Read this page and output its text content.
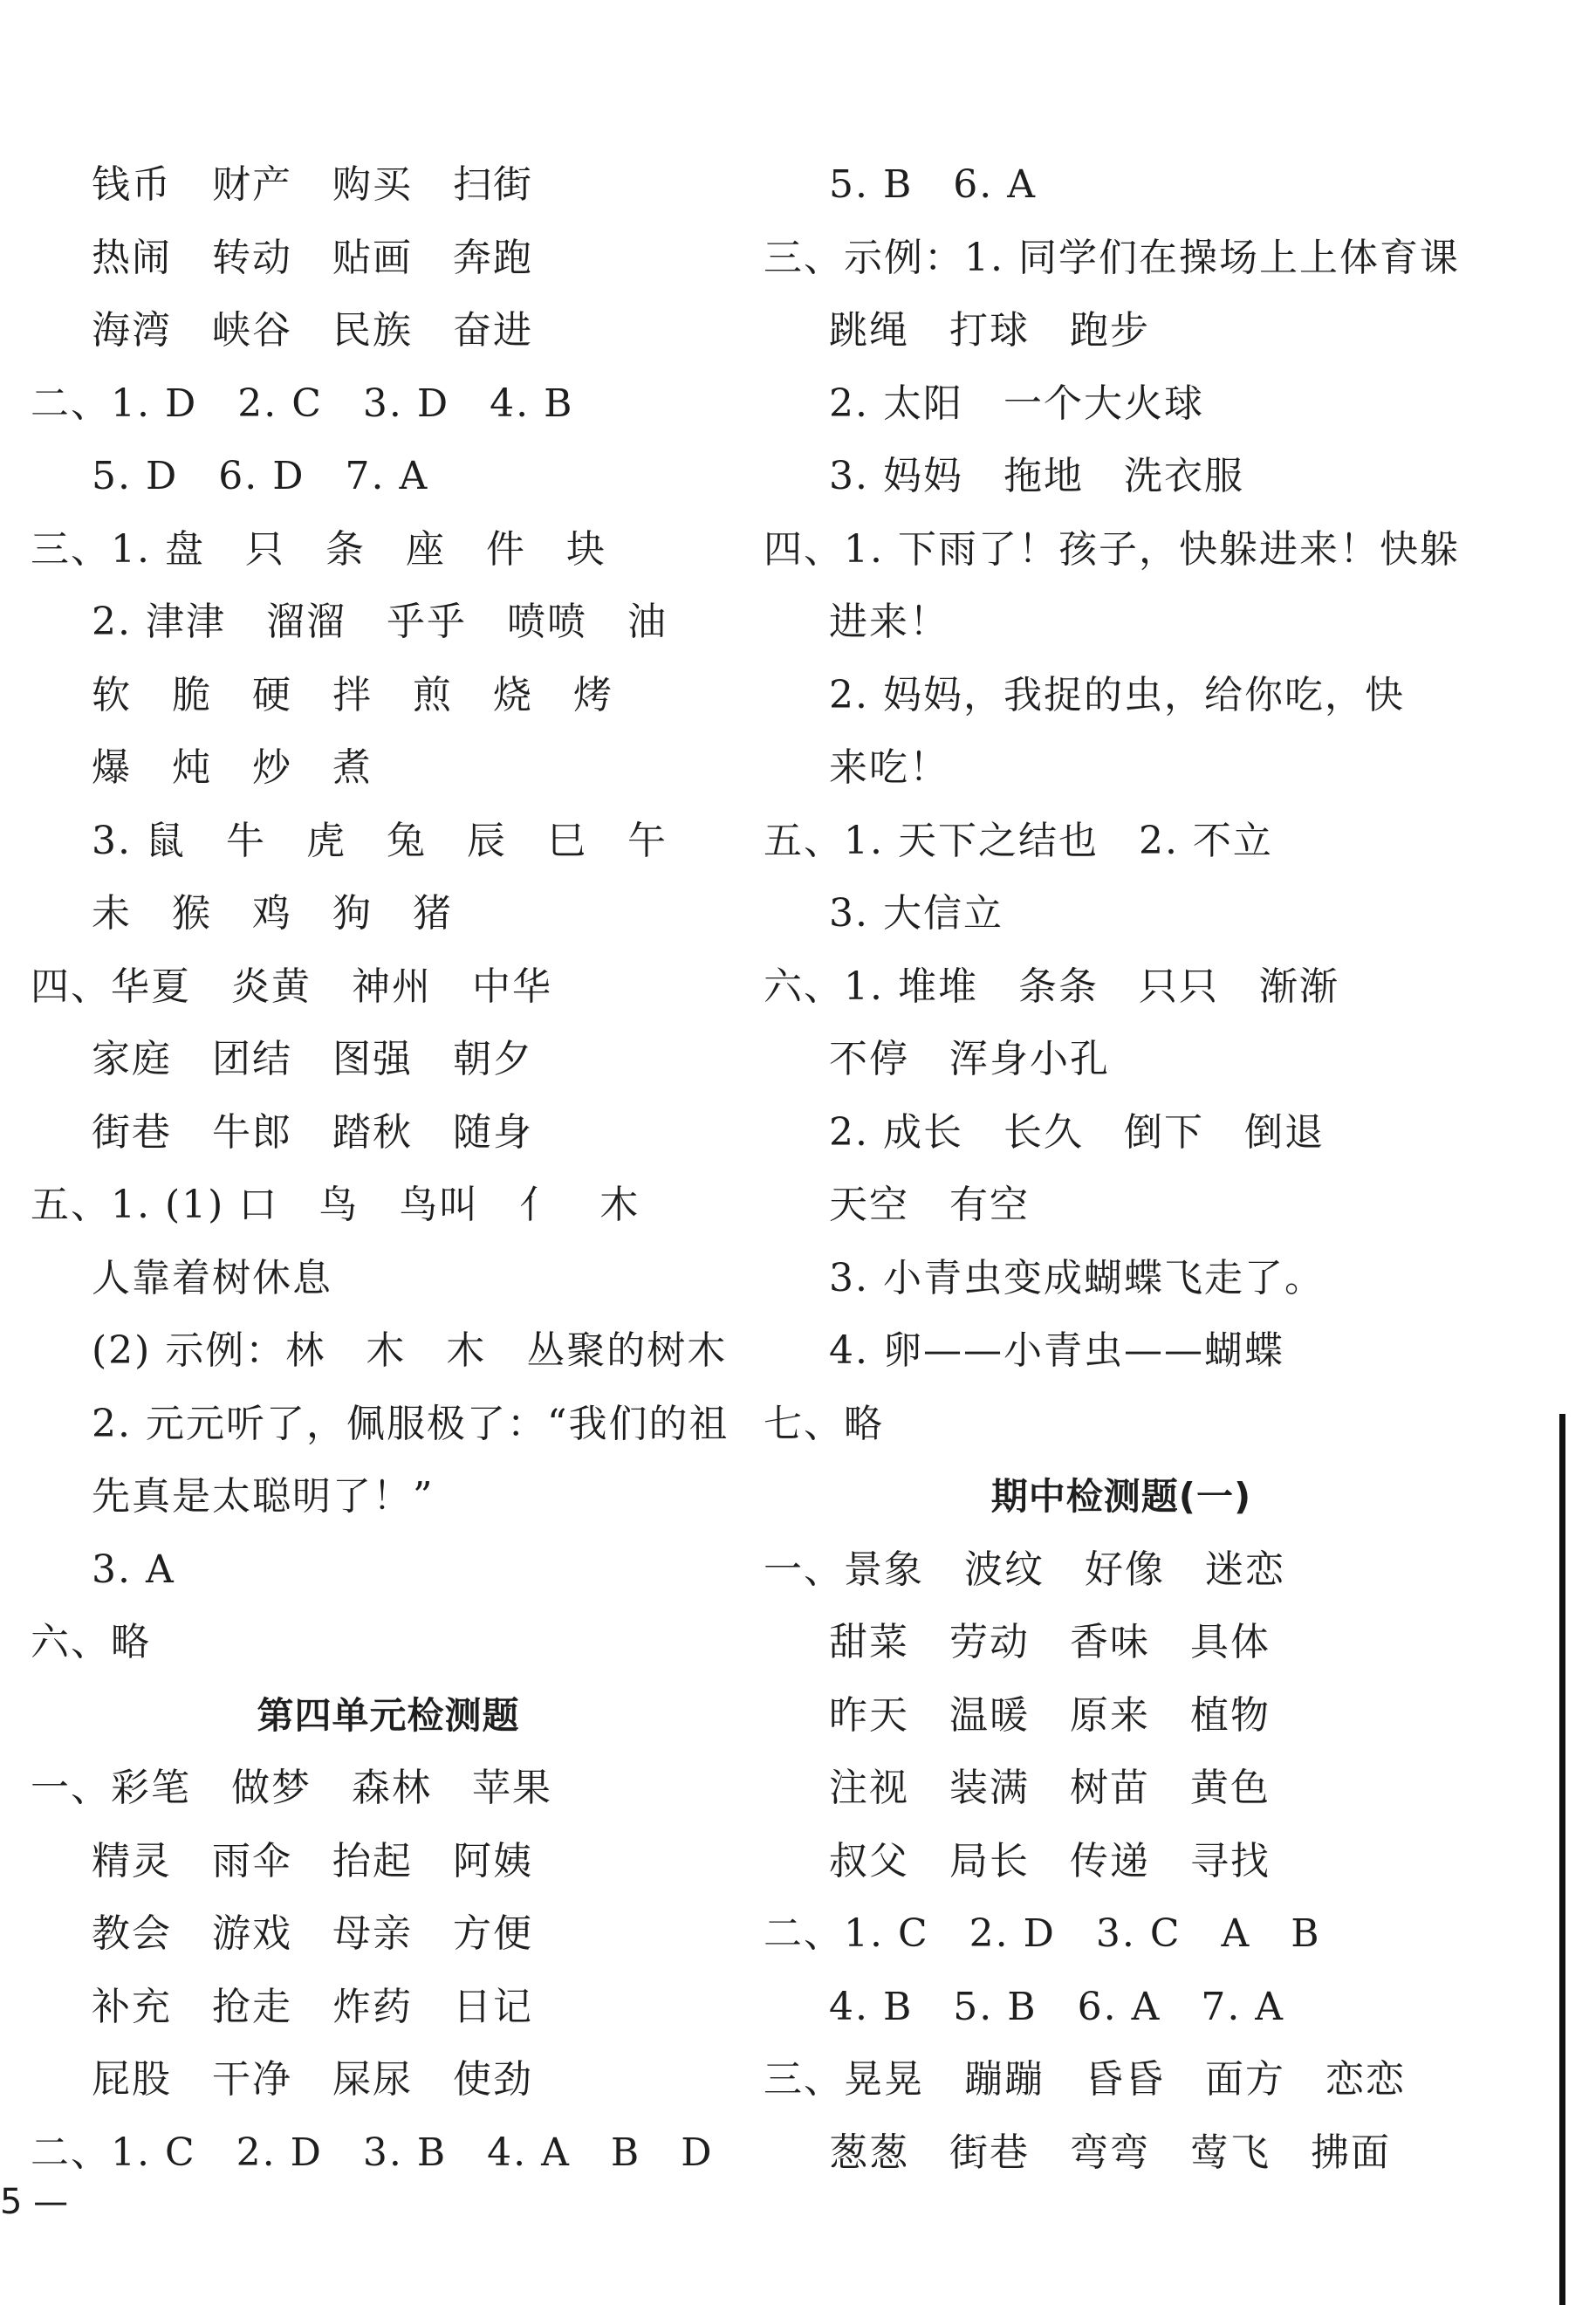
钱币　财产　购买　扫街
热闹　转动　贴画　奔跑
海湾　峡谷　民族　奋进
二、1. D　2. C　3. D　4. B
5. D　6. D　7. A
三、1. 盘　只　条　座　件　块
2. 津津　溜溜　乎乎　喷喷　油
软　脆　硬　拌　煎　烧　烤
爆　炖　炒　煮
3. 鼠　牛　虎　兔　辰　巳　午
未　猴　鸡　狗　猪
四、华夏　炎黄　神州　中华
家庭　团结　图强　朝夕
街巷　牛郎　踏秋　随身
五、1. (1) 口　鸟　鸟叫　亻　木
人靠着树休息
(2) 示例：林　木　木　丛聚的树木
2. 元元听了，佩服极了：“我们的祖
先真是太聪明了！”
3. A
六、略
第四单元检测题
一、彩笔　做梦　森林　苹果
精灵　雨伞　抬起　阿姨
教会　游戏　母亲　方便
补充　抢走　炸药　日记
屁股　干净　屎尿　使劲
二、1. C　2. D　3. B　4. A　B　D
5. B　6. A
三、示例：1. 同学们在操场上上体育课
跳绳　打球　跑步
2. 太阳　一个大火球
3. 妈妈　拖地　洗衣服
四、1. 下雨了！孩子，快躲进来！快躲
进来！
2. 妈妈，我捉的虫，给你吃，快
来吃！
五、1. 天下之结也　2. 不立
3. 大信立
六、1. 堆堆　条条　只只　渐渐
不停　浑身小孔
2. 成长　长久　倒下　倒退
天空　有空
3. 小青虫变成蝴蝶飞走了。
4. 卵——小青虫——蝴蝶
七、略
期中检测题(一)
一、景象　波纹　好像　迷恋
甜菜　劳动　香味　具体
昨天　温暖　原来　植物
注视　装满　树苗　黄色
叔父　局长　传递　寻找
二、1. C　2. D　3. C　A　B
4. B　5. B　6. A　7. A
三、晃晃　蹦蹦　昏昏　面方　恋恋
葱葱　街巷　弯弯　莺飞　拂面
5 —
